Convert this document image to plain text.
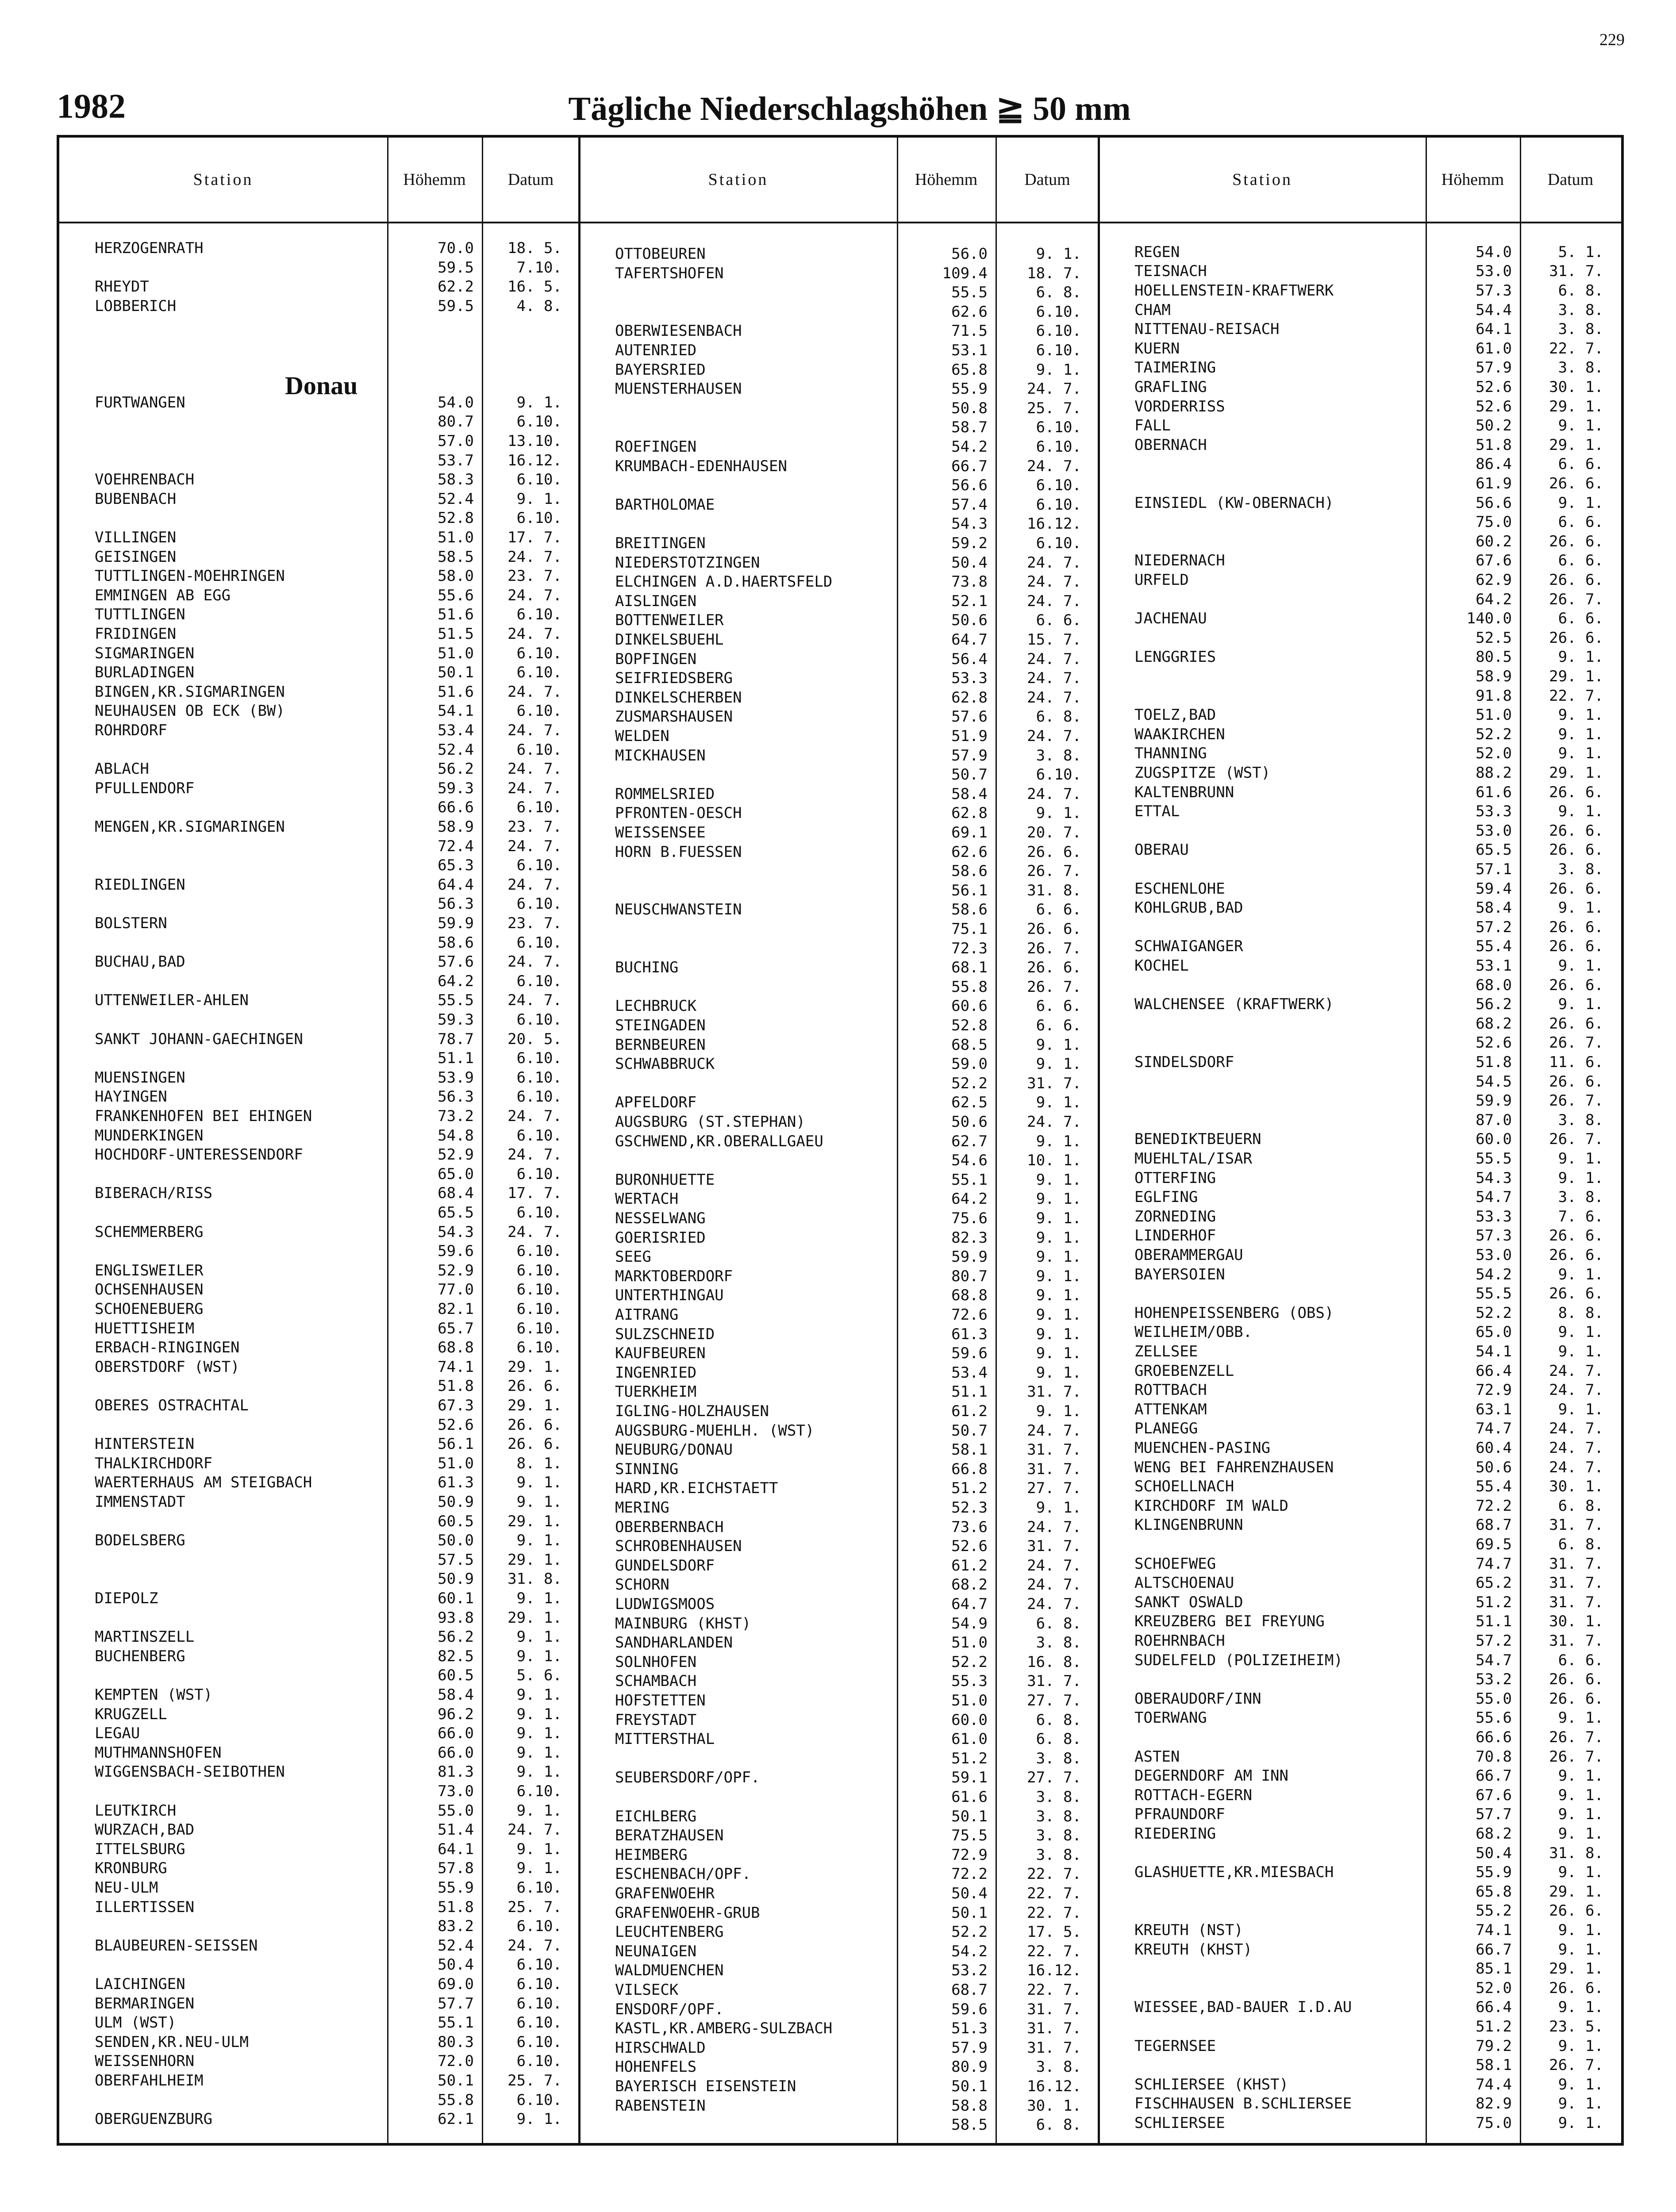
229
1982	Tägliche Niederschlagshöhen ≧ 50 mm
Station	Höhe mm	Datum
Donau
HERZOGENRATH	70.0 18. 5.
59.5	7.10.
RHEYDT	62.2 16. 5.
LOBBERICH	59.5	4. 8.
FURTWANGEN	54.0	9. 1.
80.7	6.10.
57.0 13.10.
53.7 16.12.
VOEHRENBACH	58.3	6.10.
BUBENBACH	52.4	9. 1.
52.8	6.10.
VILLINGEN	51.0 17. 7.
GEISINGEN	58.5 24. 7.
TUTTLINGEN-MOEHRINGEN	58.0 23. 7.
EMMINGEN AB EGG	55.6 24. 7.
TUTTLINGEN	51.6	6.10.
FRIDINGEN	51.5 24. 7.
SIGMARINGEN	51.0	6.10.
BURLADINGEN	50.1	6.10.
BINGEN,KR.SIGMARINGEN	51.6 24. 7.
NEUHAUSEN OB ECK (BW)	54.1	6.10.
ROHRDORF	53.4 24. 7.
52.4	6.10.
ABLACH	56.2 24. 7.
PFULLENDORF	59.3 24. 7.
66.6	6.10.
MENGEN,KR.SIGMARINGEN	58.9 23. 7.
72.4 24. 7.
65.3	6.10.
RIEDLINGEN	64.4 24. 7.
56.3	6.10.
BOLSTERN	59.9 23. 7.
58.6	6.10.
BUCHAU,BAD	57.6 24. 7.
64.2	6.10.
UTTENWEILER-AHLEN	55.5 24. 7.
59.3	6.10.
SANKT JOHANN-GAECHINGEN	78.7 20. 5.
51.1	6.10.
MUENSINGEN	53.9	6.10.
HAYINGEN	56.3	6.10.
FRANKENHOFEN BEI EHINGEN	73.2 24. 7.
MUNDERKINGEN	54.8	6.10.
HOCHDORF-UNTERESSENDORF	52.9 24. 7.
65.0	6.10.
BIBERACH/RISS	68.4 17. 7.
65.5	6.10.
SCHEMMERBERG	54.3 24. 7.
59.6	6.10.
ENGLISWEILER	52.9	6.10.
OCHSENHAUSEN	77.0	6.10.
SCHOENEBUERG	82.1	6.10.
HUETTISHEIM	65.7	6.10.
ERBACH-RINGINGEN	68.8	6.10.
OBERSTDORF (WST)	74.1 29. 1.
51.8 26. 6.
OBERES OSTRACHTAL	67.3 29. 1.
52.6 26. 6.
HINTERSTEIN	56.1 26. 6.
THALKIRCHDORF	51.0	8. 1.
WAERTERHAUS AM STEIGBACH	61.3	9. 1.
IMMENSTADT	50.9	9. 1.
60.5 29. 1.
BODELSBERG	50.0	9. 1.
57.5 29. 1.
50.9 31. 8.
DIEPOLZ	60.1	9. 1.
93.8 29. 1.
MARTINSZELL	56.2	9. 1.
BUCHENBERG	82.5	9. 1.
60.5	5. 6.
KEMPTEN (WST)	58.4	9. 1.
KRUGZELL	96.2	9. 1.
LEGAU	66.0	9. 1.
MUTHMANNSHOFEN	66.0	9. 1.
WIGGENSBACH-SEIBOTHEN	81.3	9. 1.
73.0	6.10.
LEUTKIRCH	55.0	9. 1.
WURZACH,BAD	51.4 24. 7.
ITTELSBURG	64.1	9. 1.
KRONBURG	57.8	9. 1.
NEU-ULM	55.9	6.10.
ILLERTISSEN	51.8 25. 7.
83.2	6.10.
BLAUBEUREN-SEISSEN	52.4 24. 7.
50.4	6.10.
LAICHINGEN	69.0	6.10.
BERMARINGEN	57.7	6.10.
ULM (WST)	55.1	6.10.
SENDEN,KR.NEU-ULM	80.3	6.10.
WEISSENHORN	72.0	6.10.
OBERFAHLHEIM	50.1 25. 7.
55.8	6.10.
OBERGUENZBURG	62.1	9. 1.
Station	Höhe mm	Datum
OTTOBEUREN	56.0	9. 1.
TAFERTSHOFEN	109.4	18. 7.
55.5	6. 8.
62.6	6.10.
OBERWIESENBACH	71.5	6.10.
AUTENRIED	53.1	6.10.
BAYERSRIED	65.8	9. 1.
MUENSTERHAUSEN	55.9	24. 7.
50.8	25. 7.
58.7	6.10.
ROEFINGEN	54.2	6.10.
KRUMBACH-EDENHAUSEN	66.7	24. 7.
56.6	6.10.
BARTHOLOMAE	57.4	6.10.
54.3	16.12.
BREITINGEN	59.2	6.10.
NIEDERSTOTZINGEN	50.4	24. 7.
ELCHINGEN A.D.HAERTSFELD	73.8	24. 7.
AISLINGEN	52.1	24. 7.
BOTTENWEILER	50.6	6. 6.
DINKELSBUEHL	64.7	15. 7.
BOPFINGEN	56.4	24. 7.
SEIFRIEDSBERG	53.3	24. 7.
DINKELSCHERBEN	62.8	24. 7.
ZUSMARSHAUSEN	57.6	6. 8.
WELDEN	51.9	24. 7.
MICKHAUSEN	57.9	3. 8.
50.7	6.10.
ROMMELSRIED	58.4	24. 7.
PFRONTEN-OESCH	62.8	9. 1.
WEISSENSEE	69.1	20. 7.
HORN B.FUESSEN	62.6	26. 6.
58.6	26. 7.
56.1	31. 8.
NEUSCHWANSTEIN	58.6	6. 6.
75.1	26. 6.
72.3	26. 7.
BUCHING	68.1	26. 6.
55.8	26. 7.
LECHBRUCK	60.6	6. 6.
STEINGADEN	52.8	6. 6.
BERNBEUREN	68.5	9. 1.
SCHWABBRUCK	59.0	9. 1.
52.2	31. 7.
APFELDORF	62.5	9. 1.
AUGSBURG (ST.STEPHAN)	50.6	24. 7.
GSCHWEND,KR.OBERALLGAEU	62.7	9. 1.
54.6	10. 1.
BURONHUETTE	55.1	9. 1.
WERTACH	64.2	9. 1.
NESSELWANG	75.6	9. 1.
GOERISRIED	82.3	9. 1.
SEEG	59.9	9. 1.
MARKTOBERDORF	80.7	9. 1.
UNTERTHINGAU	68.8	9. 1.
AITRANG	72.6	9. 1.
SULZSCHNEID	61.3	9. 1.
KAUFBEUREN	59.6	9. 1.
INGENRIED	53.4	9. 1.
TUERKHEIM	51.1	31. 7.
IGLING-HOLZHAUSEN	61.2	9. 1.
AUGSBURG-MUEHLH. (WST)	50.7	24. 7.
NEUBURG/DONAU	58.1	31. 7.
SINNING	66.8	31. 7.
HARD,KR.EICHSTAETT	51.2	27. 7.
MERING	52.3	9. 1.
OBERBERNBACH	73.6	24. 7.
SCHROBENHAUSEN	52.6	31. 7.
GUNDELSDORF	61.2	24. 7.
SCHORN	68.2	24. 7.
LUDWIGSMOOS	64.7	24. 7.
MAINBURG (KHST)	54.9	6. 8.
SANDHARLANDEN	51.0	3. 8.
SOLNHOFEN	52.2	16. 8.
SCHAMBACH	55.3	31. 7.
HOFSTETTEN	51.0	27. 7.
FREYSTADT	60.0	6. 8.
MITTERSTHAL	61.0	6. 8.
51.2	3. 8.
SEUBERSDORF/OPF.	59.1	27. 7.
61.6	3. 8.
EICHLBERG	50.1	3. 8.
BERATZHAUSEN	75.5	3. 8.
HEIMBERG	72.9	3. 8.
ESCHENBACH/OPF.	72.2	22. 7.
GRAFENWOEHR	50.4	22. 7.
GRAFENWOEHR-GRUB	50.1	22. 7.
LEUCHTENBERG	52.2	17. 5.
NEUNAIGEN	54.2	22. 7.
WALDMUENCHEN	53.2	16.12.
VILSECK	68.7	22. 7.
ENSDORF/OPF.	59.6	31. 7.
KASTL,KR.AMBERG-SULZBACH	51.3	31. 7.
HIRSCHWALD	57.9	31. 7.
HOHENFELS	80.9	3. 8.
BAYERISCH EISENSTEIN	50.1	16.12.
RABENSTEIN	58.8	30. 1.
58.5	6. 8.
Station	Höhe mm	Datum
REGEN	54.0	5. 1.
TEISNACH	53.0 31. 7.
HOELLENSTEIN-KRAFTWERK	57.3	6. 8.
CHAM	54.4	3. 8.
NITTENAU-REISACH	64.1	3. 8.
KUERN	61.0 22. 7.
TAIMERING	57.9	3. 8.
GRAFLING	52.6 30. 1.
VORDERRISS	52.6 29. 1.
FALL	50.2	9. 1.
OBERNACH	51.8 29. 1.
86.4	6. 6.
61.9 26. 6.
EINSIEDL (KW-OBERNACH)	56.6	9. 1.
75.0	6. 6.
60.2 26. 6.
NIEDERNACH	67.6	6. 6.
URFELD	62.9 26. 6.
64.2 26. 7.
JACHENAU	140.0	6. 6.
52.5 26. 6.
LENGGRIES	80.5	9. 1.
58.9 29. 1.
91.8 22. 7.
TOELZ,BAD	51.0	9. 1.
WAAKIRCHEN	52.2	9. 1.
THANNING	52.0	9. 1.
ZUGSPITZE (WST)	88.2 29. 1.
KALTENBRUNN	61.6 26. 6.
ETTAL	53.3	9. 1.
53.0 26. 6.
OBERAU	65.5 26. 6.
57.1	3. 8.
ESCHENLOHE	59.4 26. 6.
KOHLGRUB,BAD	58.4	9. 1.
57.2 26. 6.
SCHWAIGANGER	55.4 26. 6.
KOCHEL	53.1	9. 1.
68.0 26. 6.
WALCHENSEE (KRAFTWERK)	56.2	9. 1.
68.2 26. 6.
52.6 26. 7.
SINDELSDORF	51.8 11. 6.
54.5 26. 6.
59.9 26. 7.
87.0	3. 8.
BENEDIKTBEUERN	60.0 26. 7.
MUEHLTAL/ISAR	55.5	9. 1.
OTTERFING	54.3	9. 1.
EGLFING	54.7	3. 8.
ZORNEDING	53.3	7. 6.
LINDERHOF	57.3 26. 6.
OBERAMMERGAU	53.0 26. 6.
BAYERSOIEN	54.2	9. 1.
55.5 26. 6.
HOHENPEISSENBERG (OBS)	52.2	8. 8.
WEILHEIM/OBB.	65.0	9. 1.
ZELLSEE	54.1	9. 1.
GROEBENZELL	66.4 24. 7.
ROTTBACH	72.9 24. 7.
ATTENKAM	63.1	9. 1.
PLANEGG	74.7 24. 7.
MUENCHEN-PASING	60.4 24. 7.
WENG BEI FAHRENZHAUSEN	50.6 24. 7.
SCHOELLNACH	55.4 30. 1.
KIRCHDORF IM WALD	72.2	6. 8.
KLINGENBRUNN	68.7 31. 7.
69.5	6. 8.
SCHOEFWEG	74.7 31. 7.
ALTSCHOENAU	65.2 31. 7.
SANKT OSWALD	51.2 31. 7.
KREUZBERG BEI FREYUNG	51.1 30. 1.
ROEHRNBACH	57.2 31. 7.
SUDELFELD (POLIZEIHEIM)	54.7	6. 6.
53.2 26. 6.
OBERAUDORF/INN	55.0 26. 6.
TOERWANG	55.6	9. 1.
66.6 26. 7.
ASTEN	70.8 26. 7.
DEGERNDORF AM INN	66.7	9. 1.
ROTTACH-EGERN	67.6	9. 1.
PFRAUNDORF	57.7	9. 1.
RIEDERING	68.2	9. 1.
50.4 31. 8.
GLASHUETTE,KR.MIESBACH	55.9	9. 1.
65.8 29. 1.
55.2 26. 6.
KREUTH (NST)	74.1	9. 1.
KREUTH (KHST)	66.7	9. 1.
85.1 29. 1.
52.0 26. 6.
WIESSEE,BAD-BAUER I.D.AU	66.4	9. 1.
51.2 23. 5.
TEGERNSEE	79.2	9. 1.
58.1 26. 7.
SCHLIERSEE (KHST)	74.4	9. 1.
FISCHHAUSEN B.SCHLIERSEE	82.9	9. 1.
SCHLIERSEE	75.0	9. 1.
